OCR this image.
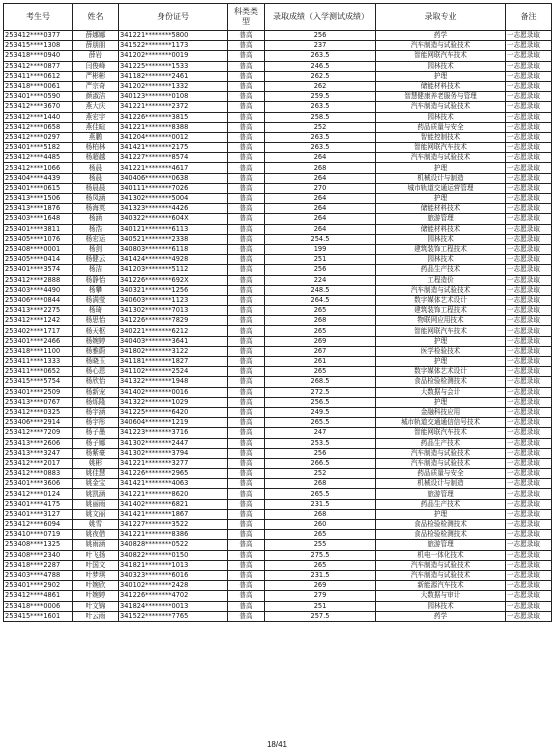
考生号	姓名	身份证号	科类类型	录取成绩（入学测试成绩）	录取专业	备注
253412****0377	薛娜娜	341221********5800	普高	256	药学	一志愿录取
253415****1308	薛朋朋	341522********1173	普高	237	汽车制造与试验技术	一志愿录取
253418****0940	薛岩	341202********0019	普高	263.5	智能网联汽车技术	一志愿录取
253412****0877	闫俊峰	341225********1533	普高	246.5	园林技术	一志愿录取
253411****0612	严彬彬	341182********2461	普高	262.5	护理	一志愿录取
253418****0061	严宗奇	341202********1332	普高	262	储能材料技术	一志愿录取
253401****0590	颜淑洁	340123********0108	普高	259.5	智慧健康养老服务与管理	一志愿录取
253412****3670	燕大庆	341221********2372	普高	263.5	汽车制造与试验技术	一志愿录取
253412****1440	燕宏宇	341226********3815	普高	258.5	园林技术	一志愿录取
253412****0658	燕佳暄	341221********8388	普高	252	药品质量与安全	一志愿录取
253412****0297	燕鹏	341204********0012	普高	263.5	智能控制技术	一志愿录取
253401****5182	杨柏林	341421********2175	普高	263.5	智能网联汽车技术	一志愿录取
253412****4485	杨超越	341227********8574	普高	264	汽车制造与试验技术	一志愿录取
253412****1066	杨晨	341221********4617	普高	268	护理	一志愿录取
253404****4439	杨晨	340406********0638	普高	264	机械设计与制造	一志愿录取
253401****0615	杨晨晨	340111********7026	普高	270	城市轨道交通运营管理	一志愿录取
253413****1506	杨凤涵	341302********5004	普高	264	护理	一志愿录取
253413****1876	杨海英	341323********4426	普高	264	储能材料技术	一志愿录取
253403****1648	杨涵	340322********604X	普高	264	旅游管理	一志愿录取
253401****3811	杨浩	340121********6113	普高	264	储能材料技术	一志愿录取
253405****1076	杨宏运	340521********2338	普高	254.5	园林技术	一志愿录取
253408****0001	杨剑	340803********6118	普高	199	建筑装饰工程技术	一志愿录取
253405****0414	杨健云	341424********4928	普高	251	园林技术	一志愿录取
253401****3574	杨洁	341203********5112	普高	256	药品生产技术	一志愿录取
253412****2888	杨静怡	341226********692X	普高	224	工程造价	一志愿录取
253403****4490	杨攀	340321********1256	普高	248.5	汽车制造与试验技术	一志愿录取
253406****0844	杨满莹	340603********1123	普高	264.5	数字媒体艺术设计	一志愿录取
253413****2275	杨琦	341302********7013	普高	265	建筑装饰工程技术	一志愿录取
253412****1242	杨思怡	341226********7829	普高	268	物联网应用技术	一志愿录取
253402****1717	杨天枢	340221********6212	普高	265	智能网联汽车技术	一志愿录取
253401****2466	杨婉婷	340403********3641	普高	269	护理	一志愿录取
253418****1100	杨雅蔚	341802********3122	普高	267	医学检验技术	一志愿录取
253411****1333	杨晓玉	341181********1827	普高	261	护理	一志愿录取
253411****0652	杨心恩	341102********2524	普高	265	数字媒体艺术设计	一志愿录取
253415****5754	杨欣怡	341322********1948	普高	268.5	食品检验检测技术	一志愿录取
253401****2509	杨新宠	341402********0016	普高	272.5	大数据与会计	一志愿录取
253413****0767	杨烁隆	341322********1029	普高	256.5	护理	一志愿录取
253412****0325	杨宇涵	341225********6420	普高	249.5	金融科技应用	一志愿录取
253406****2914	杨宇彤	340604********1219	普高	265.5	城市轨道交通通信信号技术	一志愿录取
253412****7209	杨子墨	341223********3716	普高	247	智能网联汽车技术	一志愿录取
253413****2606	杨子娜	341302********2447	普高	253.5	药品生产技术	一志愿录取
253413****3247	杨紫豪	341302********3794	普高	256	汽车制造与试验技术	一志愿录取
253412****2017	姚彬	341221********3277	普高	266.5	汽车制造与试验技术	一志愿录取
253412****0883	姚佳慧	341226********2965	普高	252	药品质量与安全	一志愿录取
253401****3606	姚金宝	341421********4063	普高	268	机械设计与制造	一志愿录取
253412****0124	姚凯涵	341221********8620	普高	265.5	旅游管理	一志愿录取
253401****4175	姚丽雨	341402********6821	普高	231.5	药品生产技术	一志愿录取
253401****3127	姚文丽	341421********1867	普高	268	护理	一志愿录取
253412****6094	姚雪	341227********3522	普高	260	食品检验检测技术	一志愿录取
253410****0719	姚夜借	341221********8386	普高	265	食品检验检测技术	一志愿录取
253408****1325	姚雨涵	340828********0522	普高	255	旅游管理	一志愿录取
253408****2340	叶飞扬	340822********0150	普高	275.5	机电一体化技术	一志愿录取
253418****2287	叶国文	341821********1013	普高	265	汽车制造与试验技术	一志愿录取
253403****4788	叶梦琪	340323********6016	普高	231.5	汽车制造与试验技术	一志愿录取
253401****2902	叶婉欣	340102********2428	普高	269	新能源汽车技术	一志愿录取
253412****4861	叶婉婷	341226********4702	普高	279	大数据与审计	一志愿录取
253418****0006	叶文锦	341824********0013	普高	251	园林技术	一志愿录取
253415****1601	叶云雨	341522********7765	普高	257.5	药学	一志愿录取
18/41
